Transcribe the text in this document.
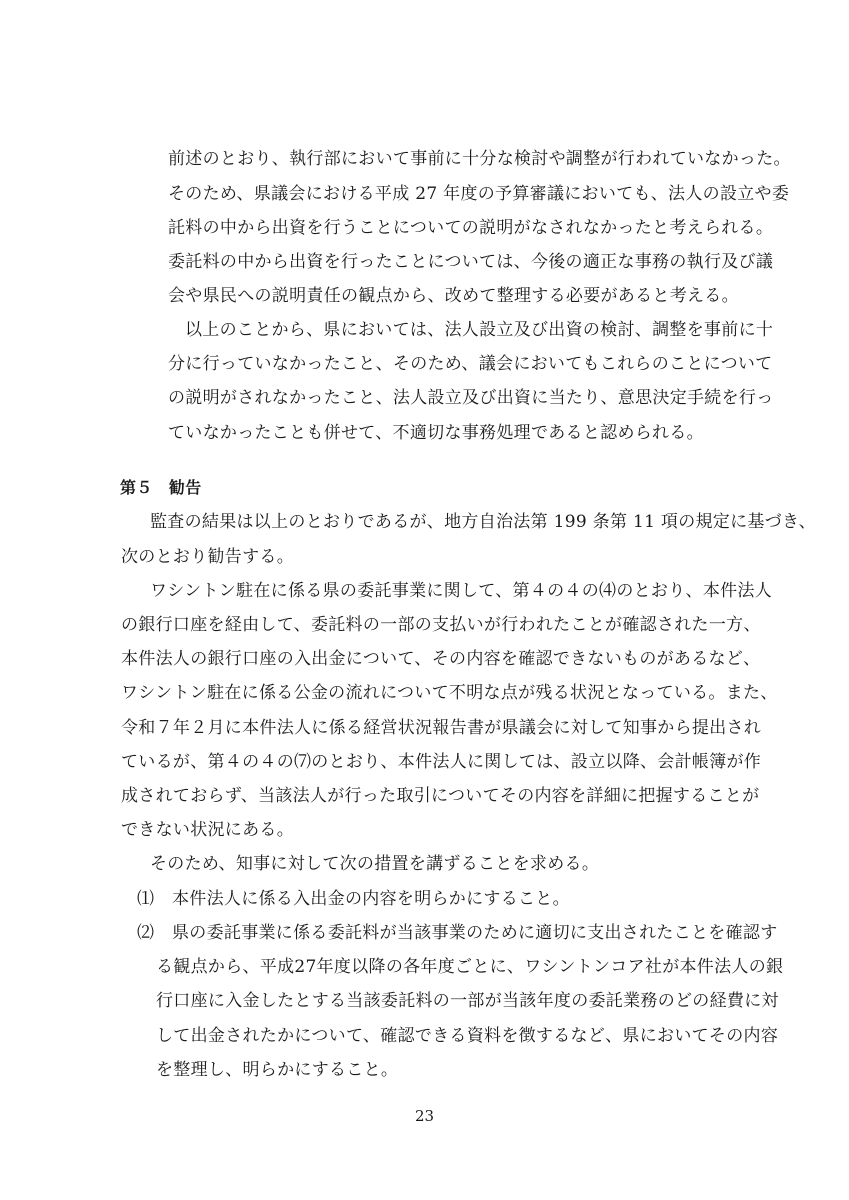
前述のとおり、執行部において事前に十分な検討や調整が行われていなかった。
そのため、県議会における平成 27 年度の予算審議においても、法人の設立や委
託料の中から出資を行うことについての説明がなされなかったと考えられる。
委託料の中から出資を行ったことについては、今後の適正な事務の執行及び議
会や県民への説明責任の観点から、改めて整理する必要があると考える。
以上のことから、県においては、法人設立及び出資の検討、調整を事前に十
分に行っていなかったこと、そのため、議会においてもこれらのことについて
の説明がされなかったこと、法人設立及び出資に当たり、意思決定手続を行っ
ていなかったことも併せて、不適切な事務処理であると認められる。
第５　勧告
監査の結果は以上のとおりであるが、地方自治法第 199 条第 11 項の規定に基づき、
次のとおり勧告する。
ワシントン駐在に係る県の委託事業に関して、第４の４の⑷のとおり、本件法人
の銀行口座を経由して、委託料の一部の支払いが行われたことが確認された一方、
本件法人の銀行口座の入出金について、その内容を確認できないものがあるなど、
ワシントン駐在に係る公金の流れについて不明な点が残る状況となっている。また、
令和７年２月に本件法人に係る経営状況報告書が県議会に対して知事から提出され
ているが、第４の４の⑺のとおり、本件法人に関しては、設立以降、会計帳簿が作
成されておらず、当該法人が行った取引についてその内容を詳細に把握することが
できない状況にある。
そのため、知事に対して次の措置を講ずることを求める。
⑴ 本件法人に係る入出金の内容を明らかにすること。
⑵ 県の委託事業に係る委託料が当該事業のために適切に支出されたことを確認す
る観点から、平成27年度以降の各年度ごとに、ワシントンコア社が本件法人の銀
行口座に入金したとする当該委託料の一部が当該年度の委託業務のどの経費に対
して出金されたかについて、確認できる資料を徴するなど、県においてその内容
を整理し、明らかにすること。
23
